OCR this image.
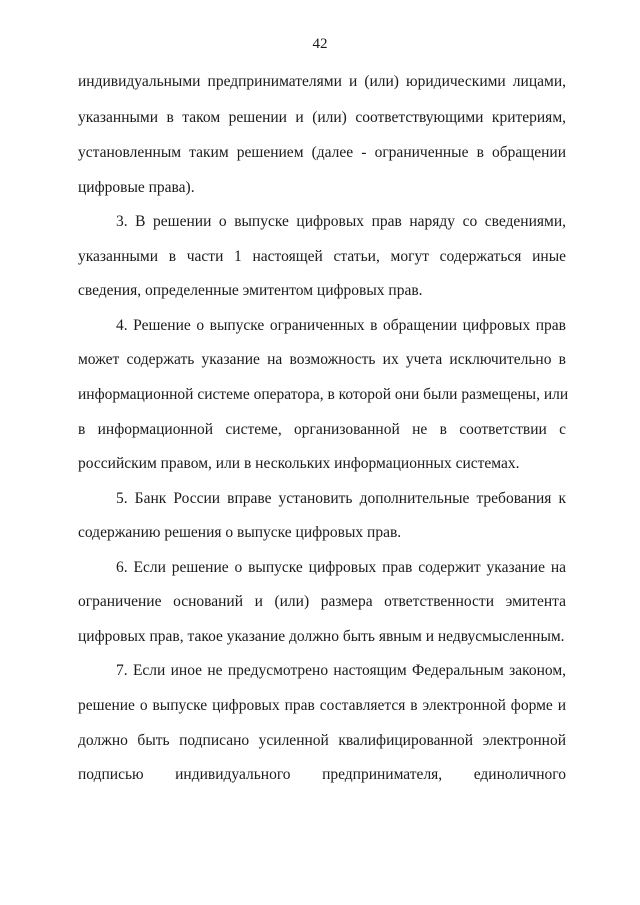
42
индивидуальными предпринимателями и (или) юридическими лицами,
указанными в таком решении и (или) соответствующими критериям,
установленным таким решением (далее - ограниченные в обращении
цифровые права).
3. В решении о выпуске цифровых прав наряду со сведениями,
указанными в части 1 настоящей статьи, могут содержаться иные
сведения, определенные эмитентом цифровых прав.
4. Решение о выпуске ограниченных в обращении цифровых прав
может содержать указание на возможность их учета исключительно в
информационной системе оператора, в которой они были размещены, или
в информационной системе, организованной не в соответствии с
российским правом, или в нескольких информационных системах.
5. Банк России вправе установить дополнительные требования к
содержанию решения о выпуске цифровых прав.
6. Если решение о выпуске цифровых прав содержит указание на
ограничение оснований и (или) размера ответственности эмитента
цифровых прав, такое указание должно быть явным и недвусмысленным.
7. Если иное не предусмотрено настоящим Федеральным законом,
решение о выпуске цифровых прав составляется в электронной форме и
должно быть подписано усиленной квалифицированной электронной
подписью индивидуального предпринимателя, единоличного
